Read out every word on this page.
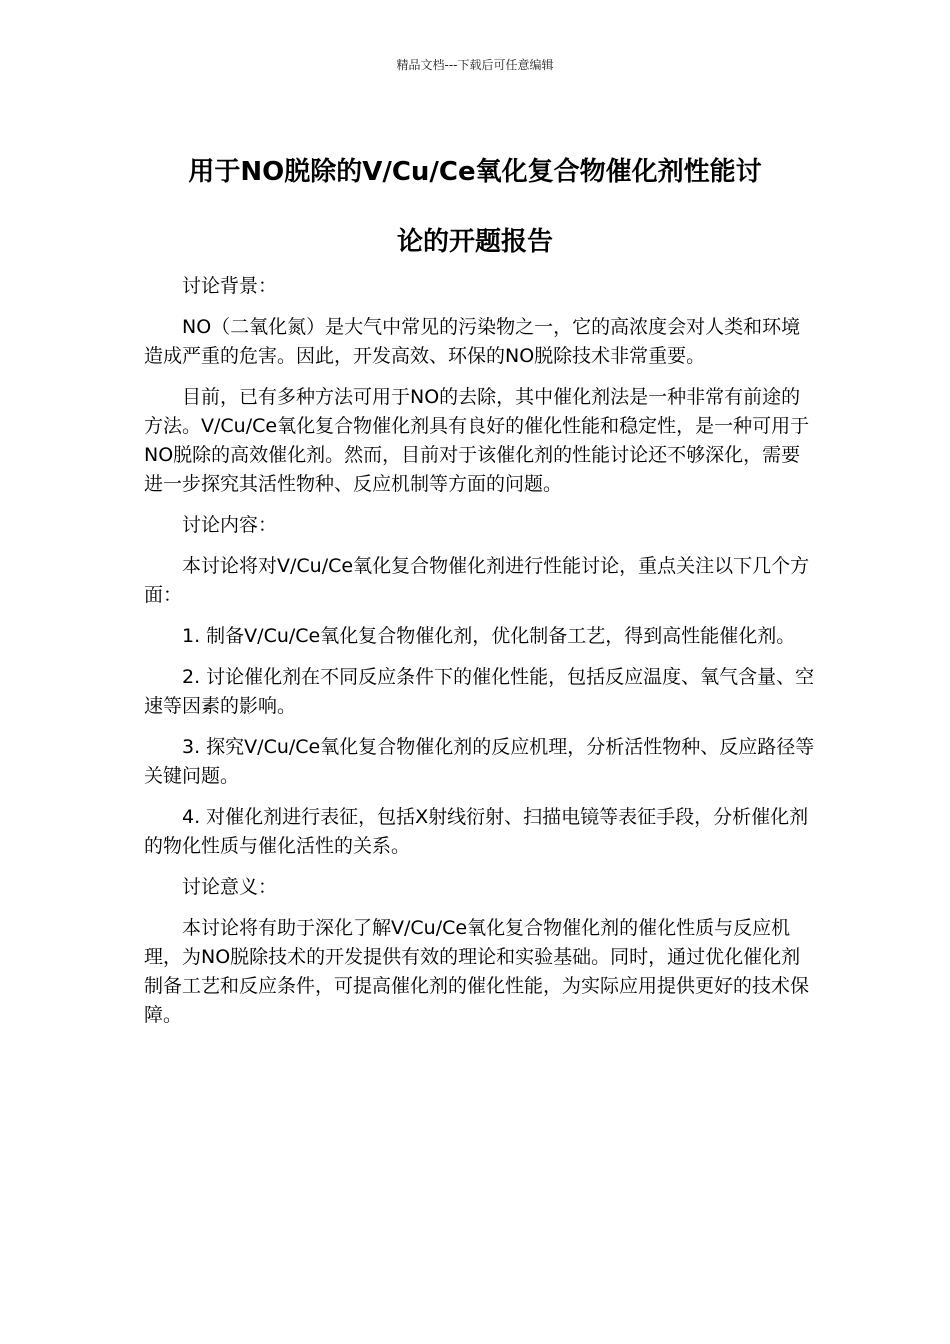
精品文档---下载后可任意编辑
用于NO脱除的V/Cu/Ce氧化复合物催化剂性能讨
论的开题报告

讨论背景：

NO（二氧化氮）是大气中常见的污染物之一，它的高浓度会对人类和环境造成严重的危害。因此，开发高效、环保的NO脱除技术非常重要。

目前，已有多种方法可用于NO的去除，其中催化剂法是一种非常有前途的方法。V/Cu/Ce氧化复合物催化剂具有良好的催化性能和稳定性，是一种可用于NO脱除的高效催化剂。然而，目前对于该催化剂的性能讨论还不够深化，需要进一步探究其活性物种、反应机制等方面的问题。

讨论内容：

本讨论将对V/Cu/Ce氧化复合物催化剂进行性能讨论，重点关注以下几个方面：

1. 制备V/Cu/Ce氧化复合物催化剂，优化制备工艺，得到高性能催化剂。

2. 讨论催化剂在不同反应条件下的催化性能，包括反应温度、氧气含量、空速等因素的影响。

3. 探究V/Cu/Ce氧化复合物催化剂的反应机理，分析活性物种、反应路径等关键问题。

4. 对催化剂进行表征，包括X射线衍射、扫描电镜等表征手段，分析催化剂的物化性质与催化活性的关系。

讨论意义：

本讨论将有助于深化了解V/Cu/Ce氧化复合物催化剂的催化性质与反应机理，为NO脱除技术的开发提供有效的理论和实验基础。同时，通过优化催化剂制备工艺和反应条件，可提高催化剂的催化性能，为实际应用提供更好的技术保障。
